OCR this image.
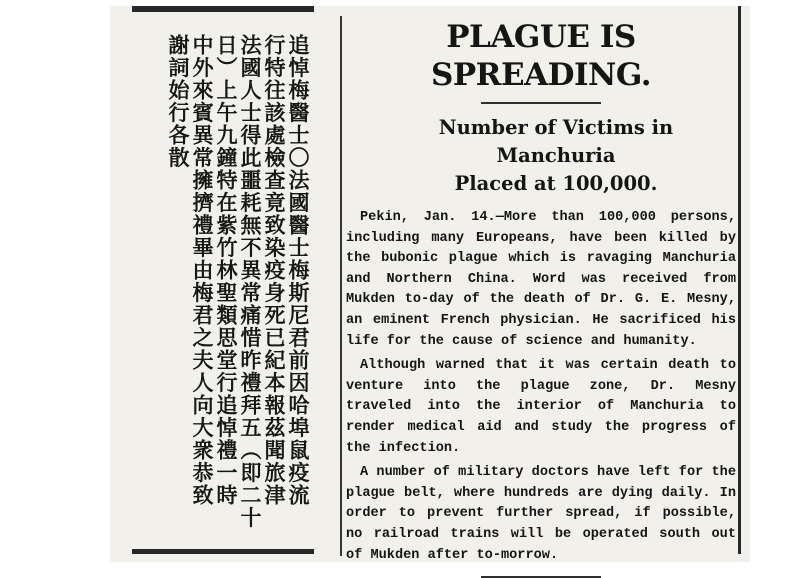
追悼梅醫士〇法國醫士梅斯尼君前因哈埠鼠疫流
行特往該處檢查竟致染疫身死已紀本報茲聞旅津
法國人士得此噩耗無不異常痛惜昨禮拜五（即二十
日）上午九鐘特在紫竹林聖類思堂行追悼禮一時
中外來賓異常擁擠禮畢由梅君之夫人向大衆恭致
謝詞始行各散	PLAGUE IS SPREADING.

Number of Victims in Manchuria

Placed at 100,000.

Pekin, Jan. 14.—More than 100,000 persons, including many Europeans, have been killed by the bubonic plague which is ravaging Manchuria and Northern China. Word was received from Mukden to-day of the death of Dr. G. E. Mesny, an eminent French physician. He sacrificed his life for the cause of science and humanity.

Although warned that it was certain death to venture into the plague zone, Dr. Mesny traveled into the interior of Manchuria to render medical aid and study the progress of the infection.

A number of military doctors have left for the plague belt, where hundreds are dying daily. In order to prevent further spread, if possible, no railroad trains will be operated south out of Mukden after to-morrow.
